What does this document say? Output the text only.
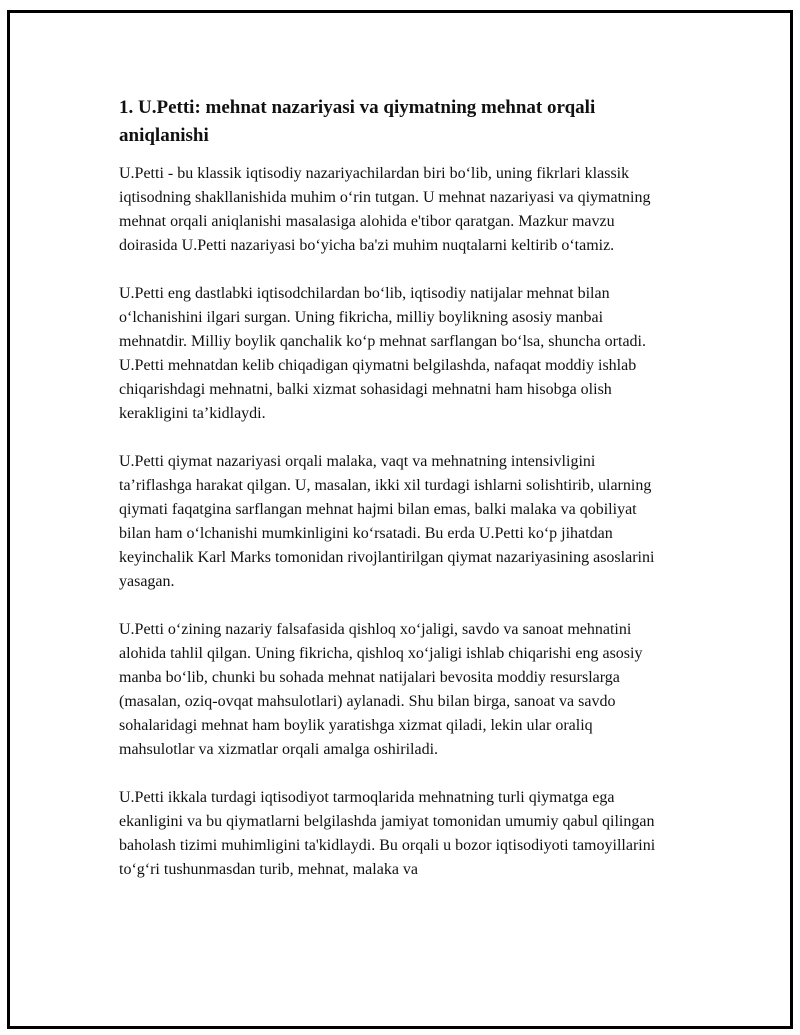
1. U.Petti: mehnat nazariyasi va qiymatning mehnat orqali aniqlanishi

U.Petti - bu klassik iqtisodiy nazariyachilardan biri bo‘lib, uning fikrlari klassik iqtisodning shakllanishida muhim o‘rin tutgan. U mehnat nazariyasi va qiymatning mehnat orqali aniqlanishi masalasiga alohida e'tibor qaratgan. Mazkur mavzu doirasida U.Petti nazariyasi bo‘yicha ba'zi muhim nuqtalarni keltirib o‘tamiz.

U.Petti eng dastlabki iqtisodchilardan bo‘lib, iqtisodiy natijalar mehnat bilan o‘lchanishini ilgari surgan. Uning fikricha, milliy boylikning asosiy manbai mehnatdir. Milliy boylik qanchalik ko‘p mehnat sarflangan bo‘lsa, shuncha ortadi. U.Petti mehnatdan kelib chiqadigan qiymatni belgilashda, nafaqat moddiy ishlab chiqarishdagi mehnatni, balki xizmat sohasidagi mehnatni ham hisobga olish kerakligini ta’kidlaydi.

U.Petti qiymat nazariyasi orqali malaka, vaqt va mehnatning intensivligini ta’riflashga harakat qilgan. U, masalan, ikki xil turdagi ishlarni solishtirib, ularning qiymati faqatgina sarflangan mehnat hajmi bilan emas, balki malaka va qobiliyat bilan ham o‘lchanishi mumkinligini ko‘rsatadi. Bu erda U.Petti ko‘p jihatdan keyinchalik Karl Marks tomonidan rivojlantirilgan qiymat nazariyasining asoslarini yasagan.

U.Petti o‘zining nazariy falsafasida qishloq xo‘jaligi, savdo va sanoat mehnatini alohida tahlil qilgan. Uning fikricha, qishloq xo‘jaligi ishlab chiqarishi eng asosiy manba bo‘lib, chunki bu sohada mehnat natijalari bevosita moddiy resurslarga (masalan, oziq-ovqat mahsulotlari) aylanadi. Shu bilan birga, sanoat va savdo sohalaridagi mehnat ham boylik yaratishga xizmat qiladi, lekin ular oraliq mahsulotlar va xizmatlar orqali amalga oshiriladi.

U.Petti ikkala turdagi iqtisodiyot tarmoqlarida mehnatning turli qiymatga ega ekanligini va bu qiymatlarni belgilashda jamiyat tomonidan umumiy qabul qilingan baholash tizimi muhimligini ta'kidlaydi. Bu orqali u bozor iqtisodiyoti tamoyillarini to‘g‘ri tushunmasdan turib, mehnat, malaka va
